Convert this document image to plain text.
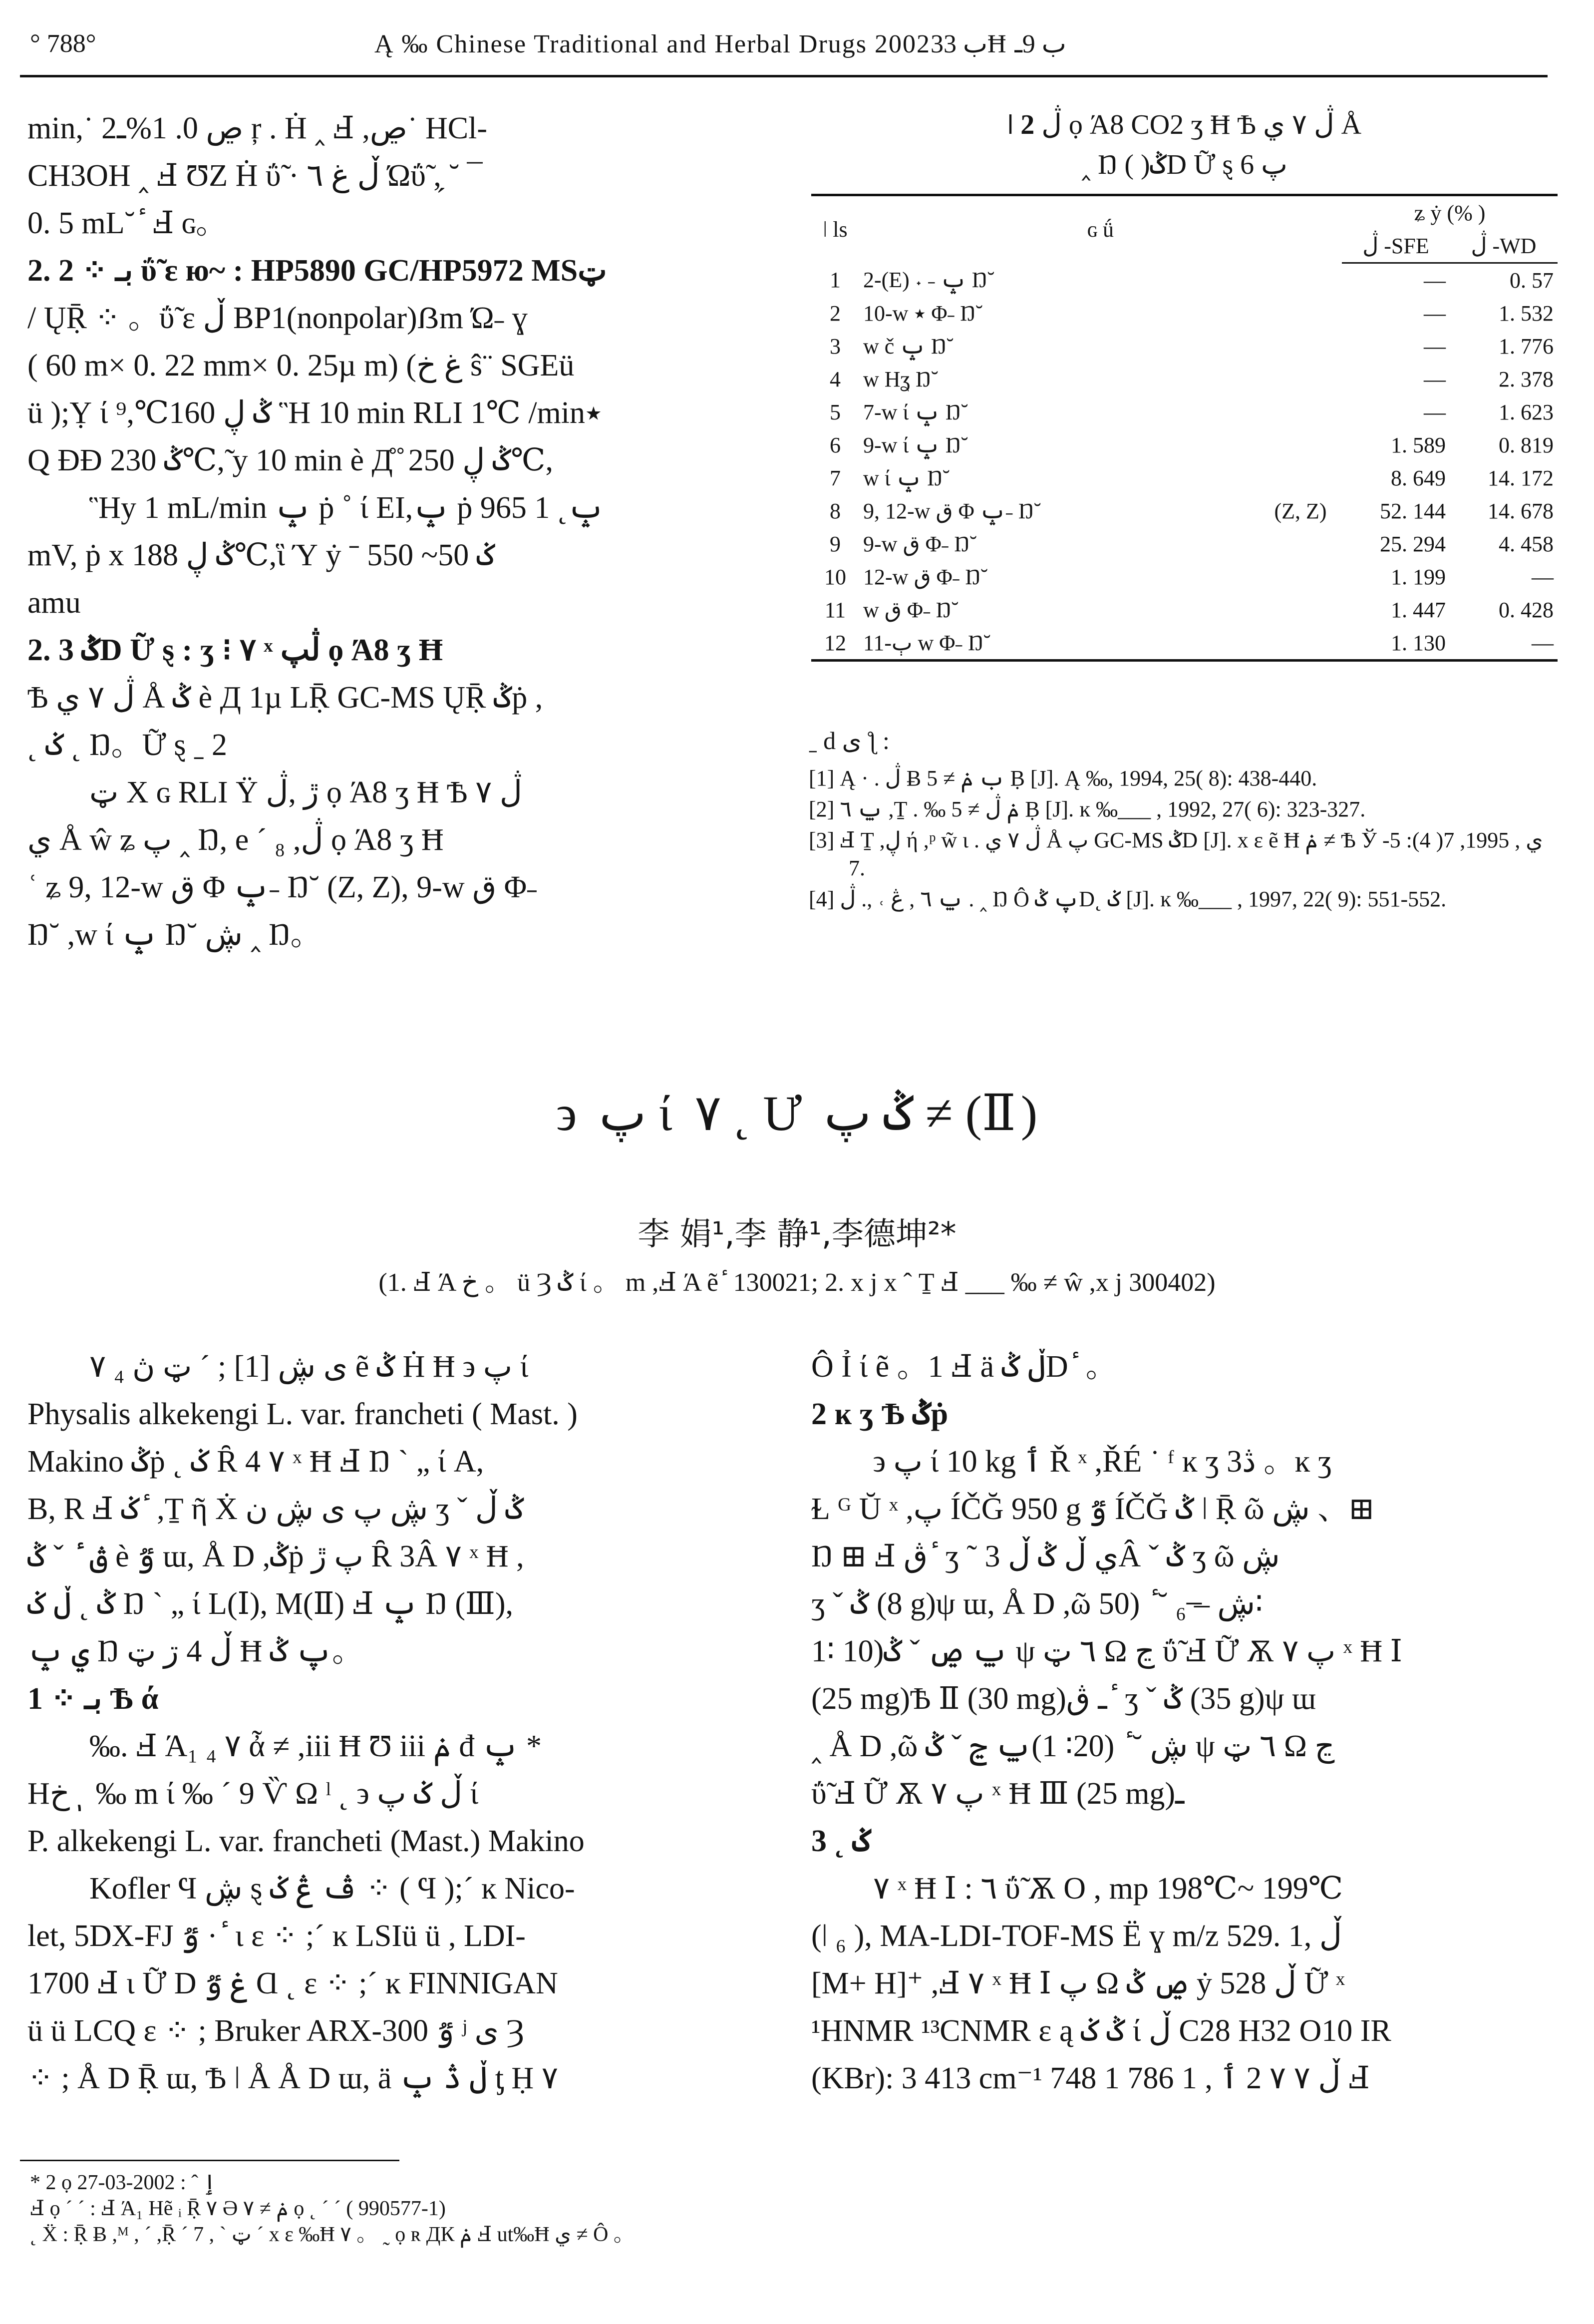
° 788°	Ą ‰ Chinese Traditional and Herbal Drugs 2002ب 33Ħ ب 9ـ

min,˙ 2ڝ 0. 1%ـ ŗ . Ḣ ‸ Ⅎ ,ڝ˙ HCl-

CH3OH ‸ Ⅎ ƱZ Ḣ ΰ̃ · ڵ غ ٦ Ώΰ̃ ,̗ ˘ ¯

0. 5 mL˘ ٔ Ⅎ ɢ。

2. 2 ⁘ بـ ΰ̃ ɛ ю~ : HP5890 GC/HP5972 MSټ

/ ŲṜ ⁘ 。ΰ̃ ɛ ڵ BP1(nonpolar)ẞm Ώ˗ ɣ

( 60 m× 0. 22 mm× 0. 25µ m) (غ خ ŝ¨ SGEü

ü );Ỵ ί ݣ ڸ 160℃,⁹ Ἣ 10 min RLI 1℃ /min٭

Q ƉƉ ݣ 230℃,̃ y 10 min è Д̊ ̊ ݣ ڸ 250℃,

Ἣy 1 mL/min ݒ ṗ ˚ ί EI,ݒ ṗ ݒ˛ 1 965

mV, ṗ x ݣ ڸ 188℃,ἳ Ύ ẏ ˉ ݢ 50~ 550

amu

2. 3 ݣD Ữ ȿ : ʒ ⁝ ٧ ˣ ڷپ ọ Ά8 ʒ Ħ

Ѣ ڷ ٧ ي Å ݣ è Д 1µ LṜ GC-MS ŲṜ ݣṗ ,

˛ ݢ ˛ Ŋ。Ữ ȿ ˍ 2

ټ Χ ɢ RLI Ÿ ڙ ,ڷ ọ Ά8 ʒ Ħ Ѣ ڷ ٧

ي Å ŵ ʑ پ ‸ Ŋ, e ˊ ₈ ,ڷ ọ Ά8 ʒ Ħ

ʿ ʑ 9, 12-w ق Φ ݒ˗ Ŋ˘ (Z, Z), 9-w ق Φ˗

Ŋ˘ ,w ί ݒ Ŋ˘ ڜ ‸ Ŋ。

ǀ 2 ڷ ọ Ά8 CO2 ʒ Ħ Ѣ ڷ ٧ ي Å
‸ Ŋ ( )ݣD Ữ ȿ پ 6
ǀ ls	ɢ ǘ		ʑ ẏ (% )	
			ڷ -SFE	ڷ -WD
1	2-(E) ˖ ˗ ݒ Ŋ˘		—	0. 57
2	10-w ٭ Φ˗ Ŋ˘		—	1. 532
3	w č ݒ Ŋ˘		—	1. 776
4	w Hʓ Ŋ˘		—	2. 378
5	7-w ί ݒ Ŋ˘		—	1. 623
6	9-w ί ݒ Ŋ˘		1. 589	0. 819
7	w ί ݒ Ŋ˘		8. 649	14. 172
8	9, 12-w ق Φ ݒ˗ Ŋ˘	(Z, Z)	52. 144	14. 678
9	9-w ق Φ˗ Ŋ˘		25. 294	4. 458
10	12-w ق Φ˗ Ŋ˘		1. 199	—
11	w ق Φ˗ Ŋ˘		1. 447	0. 428
12	11-ٻ w Φ˗ Ŋ˘		1. 130	—
ˍ d ی ƪ :
[1] Ą · . ڷ Ƀ ب ݥ ≠ 5 Ḅ [J]. Ą ‰, 1994, 25( 8): 438-440.
[2] ݐ ٦ ,Ṯ . ‰ ݥ ڷ ≠ 5 Ḅ [J]. ĸ ‰___ , 1992, 27( 6): 323-327.
[3] Ⅎ Ṯ ,ڸ ή ,ᵖ w̃ ɩ . ڷ ٧ ي Å پ GC-MS ݣD [J]. x ɛ ẽ Ħ ݥ ≠ Ѣ Ў ي , 1995, 7( 4): 5-7.
[4] ݐ ٦ , ڠ ˓ ,. ڷ . ‸ Ŋ Ô پ ݣD˛ ݢ [J]. ĸ ‰___ , 1997, 22( 9): 551-552.
϶ پ ί ٧ ˛ Ư ݣ پ ≠ (Ⅱ)
李 娟¹,李 静¹,李德坤²*
(1. Ⅎ Ά خ 。 ü Ȝ ݣ ί 。 m ,Ⅎ Ά ẽ ٔ 130021; 2. x j x ˆ Ṯ Ⅎ ___ ‰ ≠ ŵ ,x j 300402)

ی ڜ [1] ; ˊ ټ ڽ ₄ ٧ ẽ ݣ Ḣ Ħ ϶ پ ί

Physalis alkekengi L. var. francheti ( Mast. )

Makino ݣṗ ˛ ݢ Ȓ 4 ٧ ˣ Ħ Ⅎ Ŋ ˋ „ ί A,

B, R Ⅎ ݢ ٔ ,Ṯ ῆ Ẋ ڜ پ ی ڜ ن ʒ ˇ ݣ ڵ

ڨ ٔ ˇ ݣ è ٷ ɯ, Å D ,ݣṗ پ ڙ Ȓ 3Â ٧ ˣ Ħ ,

ݣ ˛ ڵ ݢ Ŋ ˋ „ ί L(Ⅰ), M(Ⅱ) Ⅎ ݒ Ŋ (Ⅲ),

ي ݒ Ŋ ڵ 4 ڗ ټ Ħ پ ݣ。

1 ⁘ بـ Ѣ ά

‰. Ⅎ Ά₁ ₄ ٧ ἆ ≠ ,iii Ħ Ʊ iii ݥ đ ݒ *

Hخ ٖ ‰ m ί ‰ ˊ 9 Ѷ Ω ˡ ˛ ϶ ڵ ݢ پ ί

P. alkekengi L. var. francheti (Mast.) Makino

Kofler Ϥ ڜ ȿ ڤ ڠ ݢ ⁘ ( Ϥ );ˊ ĸ Nico-

let, 5DX-FJ ٷ · ٔ ɩ ɛ ⁘ ;ˊ ĸ LSIü ü , LDI-

1700 Ⅎ ɩ Ữ D غ ٷ Ɑ ˛ ɛ ⁘ ;ˊ ĸ FINNIGAN

ü ü LCQ ɛ ⁘ ; Bruker ARX-300 ٷ ʲ ی Ȝ

⁘ ; Å D Ṝ ɯ, Ѣ ǀ Å Å D ɯ, ä ڵ ڎ ݒ ƫ Ḥ ٧

Ô Ỉ ί ẽ 。1 Ⅎ ä ڵ ݣD ٔ 。

2 ĸ ʒ Ѣ ݣṗ

϶ پ ί 10 kg ٲ Ř ˣ ,ŘÉ ˙ ᶠ ĸ ʒ 3ڎ 。ĸ ʒ

Ɫ ᴳ Ŭ ˣ ,پ ÍČĞ 950 g ٷ ÍČĞ ݣ ǀ Ṝ ῶ ڜ 、⊞

Ŋ ⊞ Ⅎ ڨ ٔ ʒ ˜ ي ڵ ݣ ڵ 3Â ˇ ݣ ʒ ῶ ڜ

ʒ ˇ ݣ (8 g)ψ ɯ, Å D ,ῶ ڜ –̶ ₆ ˘ ٔ (50∶

1∶ 10)ݐ ڝ ˇ ݣ ψ ٦ ټ Ω ڃ ΰ̃ Ⅎ Ữ Ѫ پ ٧ ˣ Ħ Ⅰ

(25 mg)Ѣ Ⅱ (30 mg)ـ ڨ ٔ ʒ ˇ ݣ (35 g)ψ ɯ

‸ Å D ,ῶ ڜ ˘ ٔ (20∶ 1)ݐ ڃ ˇ ݣ ψ ٦ ټ Ω ڃ

ΰ̃ Ⅎ Ữ Ѫ پ ٧ ˣ Ħ Ⅲ (25 mg)ـ

3 ˛ ݢ

٧ ˣ Ħ Ⅰ : ٦ ΰ̃ Ѫ O , mp 198℃~ 199℃

(ǀ ₆ ), MA-LDI-TOF-MS Ë ɣ m/z 529. 1, ڵ

[M+ H]⁺ ,Ⅎ ٧ ˣ Ħ Ⅰ پ Ω ڝ ݣ ẏ ڵ 528 Ữ ˣ

¹HNMR ¹³CNMR ɛ ą ݣ ݢ ί ڵ C28 H32 O10 IR

(KBr): 3 413 cm⁻¹ ڵ ٧ ٧ 2 ٲ , 1 786 1 748 Ⅎ

* 2 ọ ٳ ˆ : 2002-03-27
Ⅎ ọ ˊ ˊ : Ⅎ Ά₁ Hẽ ᵢ Ṝ ٧ Ə ݥ ≠ ٧ ọ ˛ ˊ ˊ ( 990577-1)
˛ Ẍ : Ṝ Ƀ ,ᴹ , ˊ ,Ṝ ˊ 7 , ˋ ټ ˊ x ɛ ‰Ħ ٧ 。 ˷ ọ ʀ ДК ݥ Ⅎ ut‰Ħ ي ≠ Ô 。
